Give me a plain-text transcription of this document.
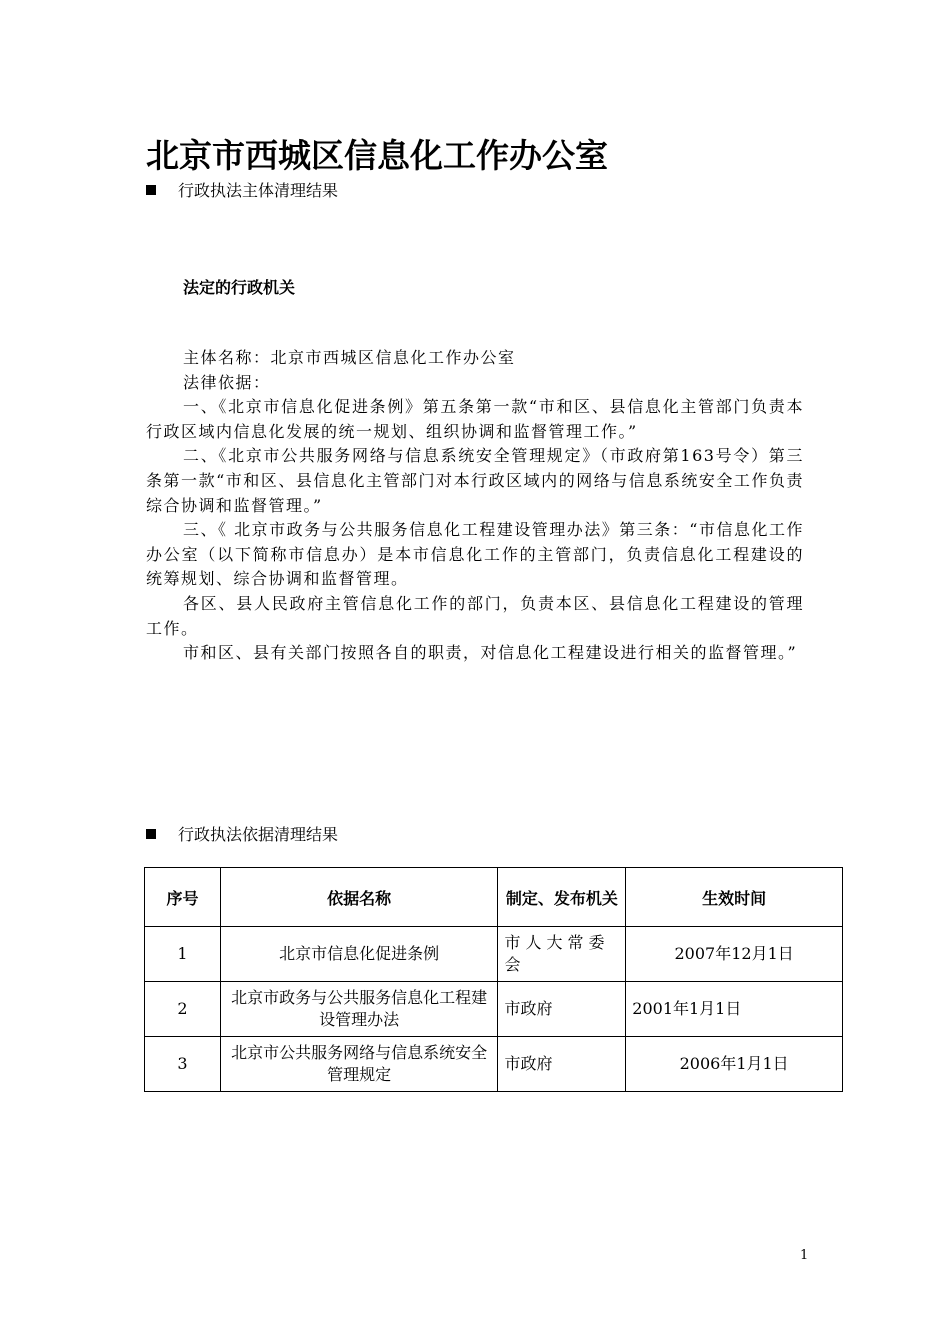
北京市西城区信息化工作办公室
行政执法主体清理结果
法定的行政机关

主体名称：北京市西城区信息化工作办公室

法律依据：

一、《北京市信息化促进条例》第五条第一款“市和区、县信息化主管部门负责本行政区域内信息化发展的统一规划、组织协调和监督管理工作。”

二、《北京市公共服务网络与信息系统安全管理规定》（市政府第163号令）第三条第一款“市和区、县信息化主管部门对本行政区域内的网络与信息系统安全工作负责综合协调和监督管理。”

三、《 北京市政务与公共服务信息化工程建设管理办法》第三条：“市信息化工作办公室（以下简称市信息办）是本市信息化工作的主管部门，负责信息化工程建设的统筹规划、综合协调和监督管理。

各区、县人民政府主管信息化工作的部门，负责本区、县信息化工程建设的管理工作。

市和区、县有关部门按照各自的职责，对信息化工程建设进行相关的监督管理。”

行政执法依据清理结果
序号	依据名称	制定、发布机关	生效时间
1	北京市信息化促进条例	市人大常委会	2007年12月1日
2	北京市政务与公共服务信息化工程建设管理办法	市政府	2001年1月1日
3	北京市公共服务网络与信息系统安全管理规定	市政府	2006年1月1日
1
